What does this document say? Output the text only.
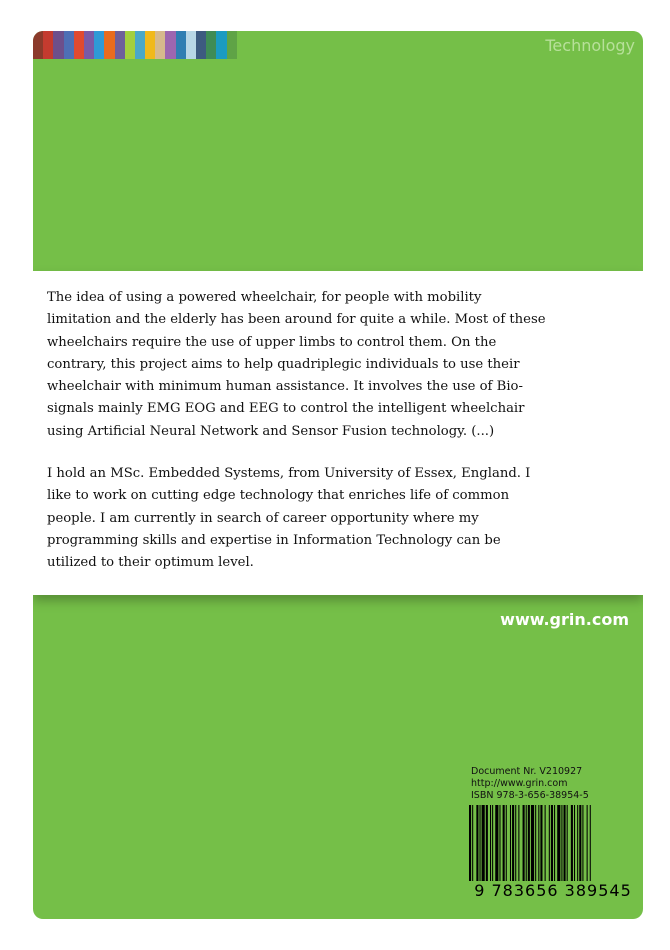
Technology

The idea of using a powered wheelchair, for people with mobility limitation and the elderly has been around for quite a while. Most of these wheelchairs require the use of upper limbs to control them. On the contrary, this project aims to help quadriplegic individuals to use their wheelchair with minimum human assistance. It involves the use of Bio-signals mainly EMG EOG and EEG to control the intelligent wheelchair using Artificial Neural Network and Sensor Fusion technology. (...)

I hold an MSc. Embedded Systems, from University of Essex, England. I like to work on cutting edge technology that enriches life of common people. I am currently in search of career opportunity where my programming skills and expertise in Information Technology can be utilized to their optimum level.

www.grin.com
Document Nr. V210927
http://www.grin.com
ISBN 978-3-656-38954-5
9 783656 389545
